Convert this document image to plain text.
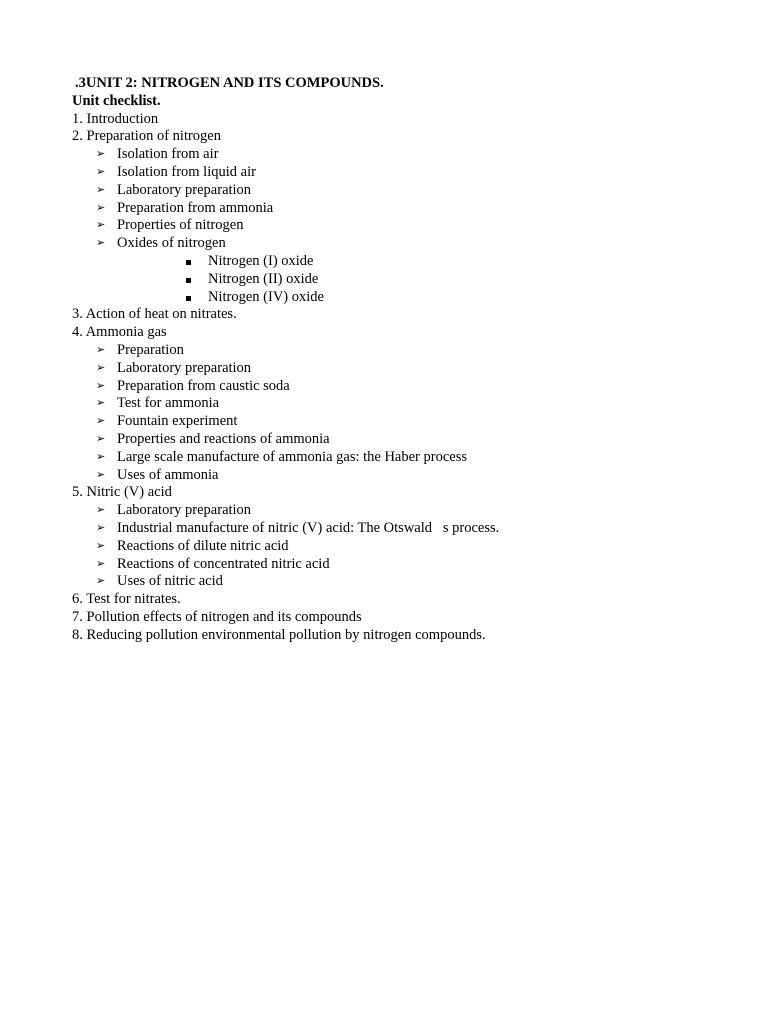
.3UNIT 2: NITROGEN AND ITS COMPOUNDS.
Unit checklist.
1. Introduction
2. Preparation of nitrogen
➢ Isolation from air
➢ Isolation from liquid air
➢ Laboratory preparation
➢ Preparation from ammonia
➢ Properties of nitrogen
➢ Oxides of nitrogen
Nitrogen (I) oxide
Nitrogen (II) oxide
Nitrogen (IV) oxide
3. Action of heat on nitrates.
4. Ammonia gas
➢ Preparation
➢ Laboratory preparation
➢ Preparation from caustic soda
➢ Test for ammonia
➢ Fountain experiment
➢ Properties and reactions of ammonia
➢ Large scale manufacture of ammonia gas: the Haber process
➢ Uses of ammonia
5. Nitric (V) acid
➢ Laboratory preparation
➢ Industrial manufacture of nitric (V) acid: The Otswald   s process.
➢ Reactions of dilute nitric acid
➢ Reactions of concentrated nitric acid
➢ Uses of nitric acid
6. Test for nitrates.
7. Pollution effects of nitrogen and its compounds
8. Reducing pollution environmental pollution by nitrogen compounds.
